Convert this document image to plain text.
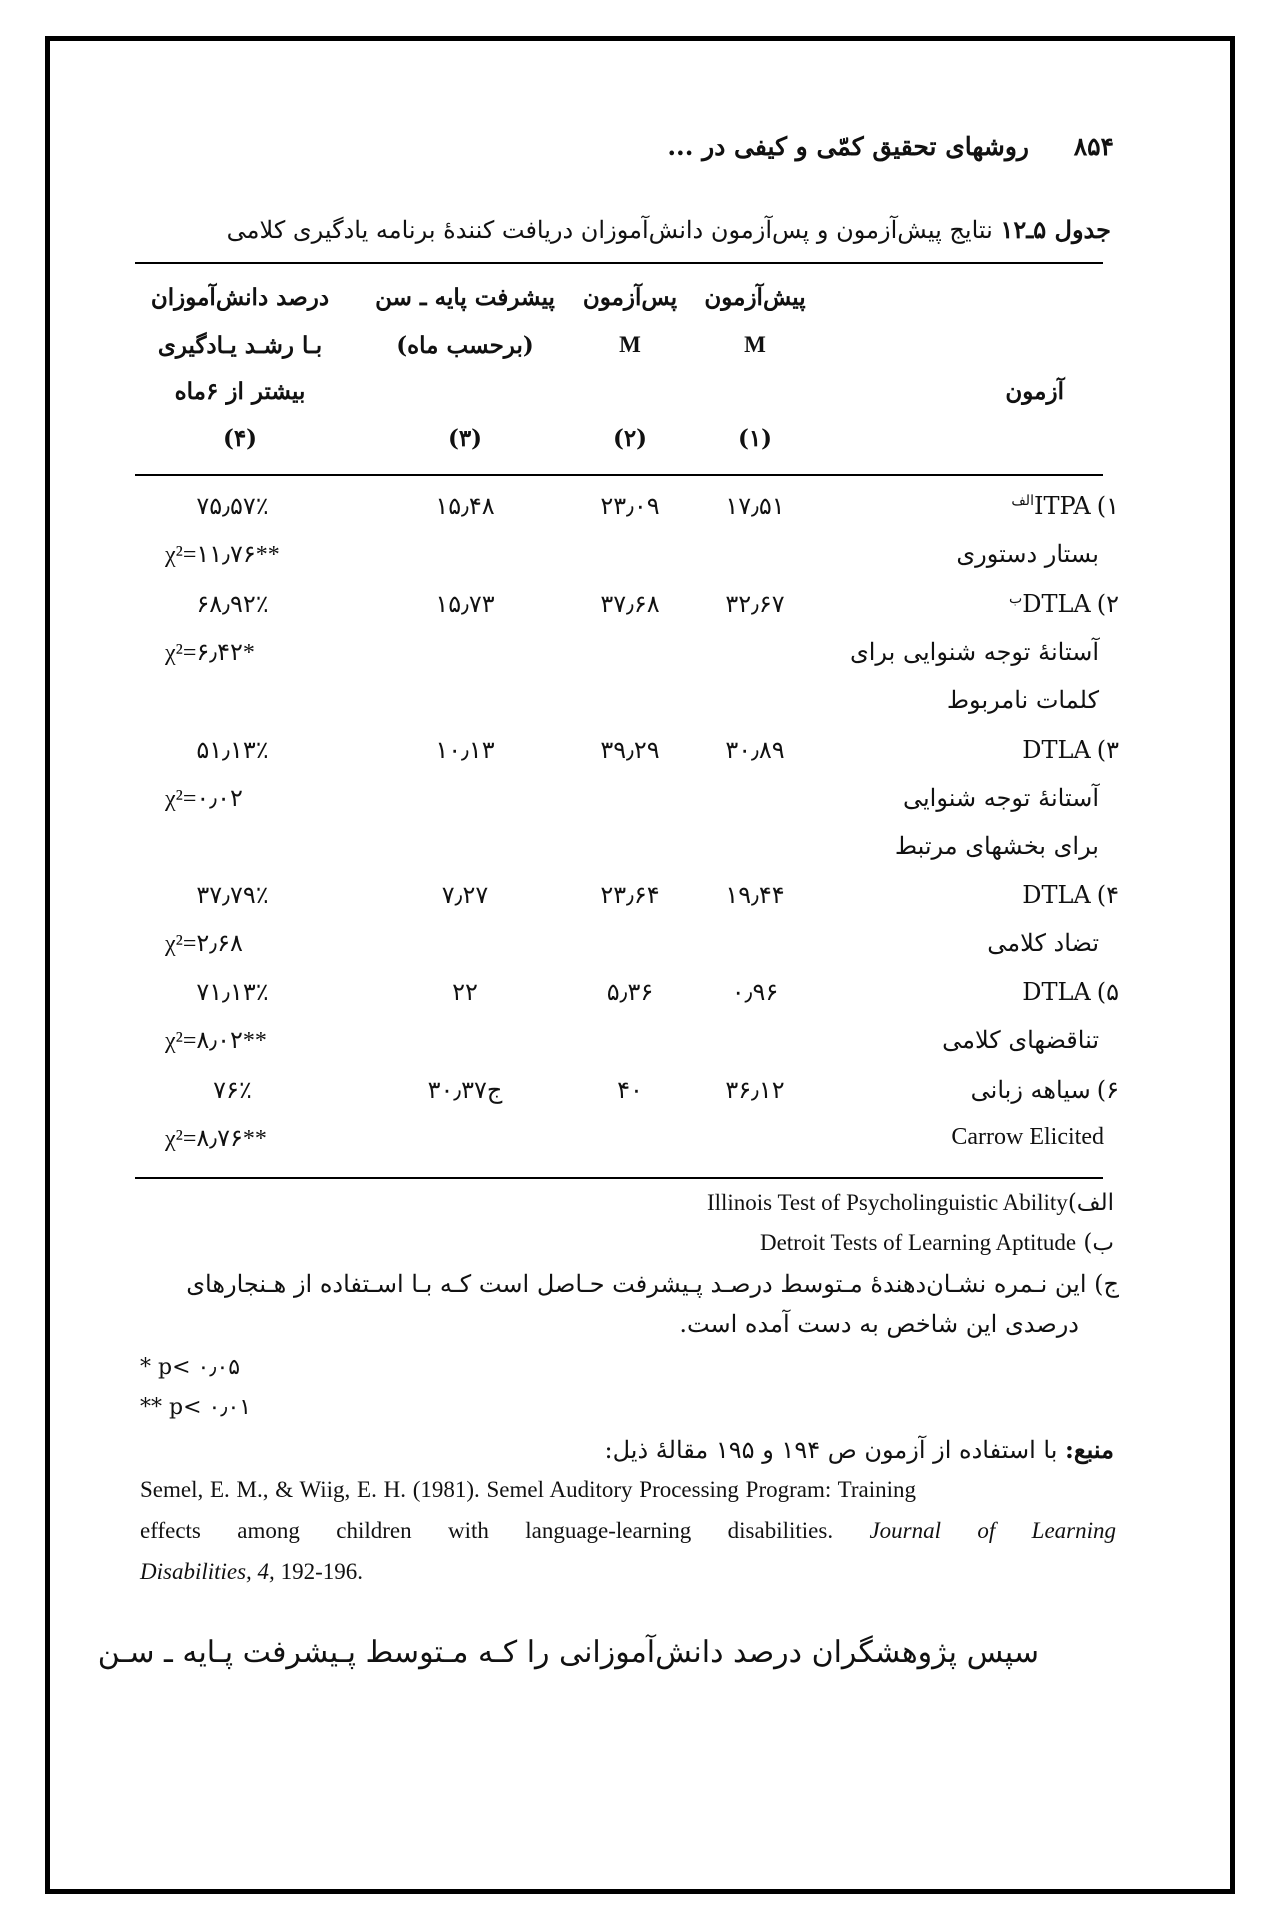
۸۵۴
روشهای تحقیق کمّی و کیفی در ...
جدول ۵ـ۱۲ نتایج پیش‌آزمون و پس‌آزمون دانش‌آموزان دریافت کنندهٔ برنامه یادگیری کلامی
پیش‌آزمون
M
(۱)
پس‌آزمون
M
(۲)
پیشرفت پایه ـ سن
(برحسب ماه)
(۳)
درصد دانش‌آموزان
بـا رشـد یـادگیری
بیشتر از ۶ماه
(۴)
آزمون
۱۷٫۵۱
۲۳٫۰۹
۱۵٫۴۸
۷۵٫۵۷٪
χ²=۱۱٫۷۶**
$۱)ITPA^{الف}$
بستار دستوری
۳۲٫۶۷
۳۷٫۶۸
۱۵٫۷۳
۶۸٫۹۲٪
χ²=۶٫۴۲*
$۲)DTLA^ب$
آستانهٔ توجه شنوایی برای
کلمات نامربوط
۳۰٫۸۹
۳۹٫۲۹
۱۰٫۱۳
۵۱٫۱۳٪
χ²=۰٫۰۲
۳)DTLA
آستانهٔ توجه شنوایی
برای بخشهای مرتبط
۱۹٫۴۴
۲۳٫۶۴
۷٫۲۷
۳۷٫۷۹٪
χ²=۲٫۶۸
۴)DTLA
تضاد کلامی
۰٫۹۶
۵٫۳۶
۲۲
۷۱٫۱۳٪
χ²=۸٫۰۲**
۵)DTLA
تناقضهای کلامی
۳۶٫۱۲
۴۰
۳۰٫۳۷ج
۷۶٪
χ²=۸٫۷۶**
۶)سیاهه زبانی
Carrow Elicited
Illinois Test of Psycholinguistic Abilityالف)
Detroit Tests of Learning Aptitude ب)
ج) این نـمره نشـان‌دهندهٔ مـتوسط درصـد پـیشرفت حـاصل است کـه بـا اسـتفاده از هـنجارهای
درصدی این شاخص به دست آمده است.
* p< ۰٫۰۵
** p< ۰٫۰۱
منبع: با استفاده از آزمون ص ۱۹۴ و ۱۹۵ مقالهٔ ذیل:
Semel, E. M., & Wiig, E. H. (1981). Semel Auditory Processing Program: Training
effects among children with language-learning disabilities. Journal of Learning
Disabilities, 4, 192-196.
سپس پژوهشگران درصد دانش‌آموزانی را کـه مـتوسط پـیشرفت پـایه ـ سـن
